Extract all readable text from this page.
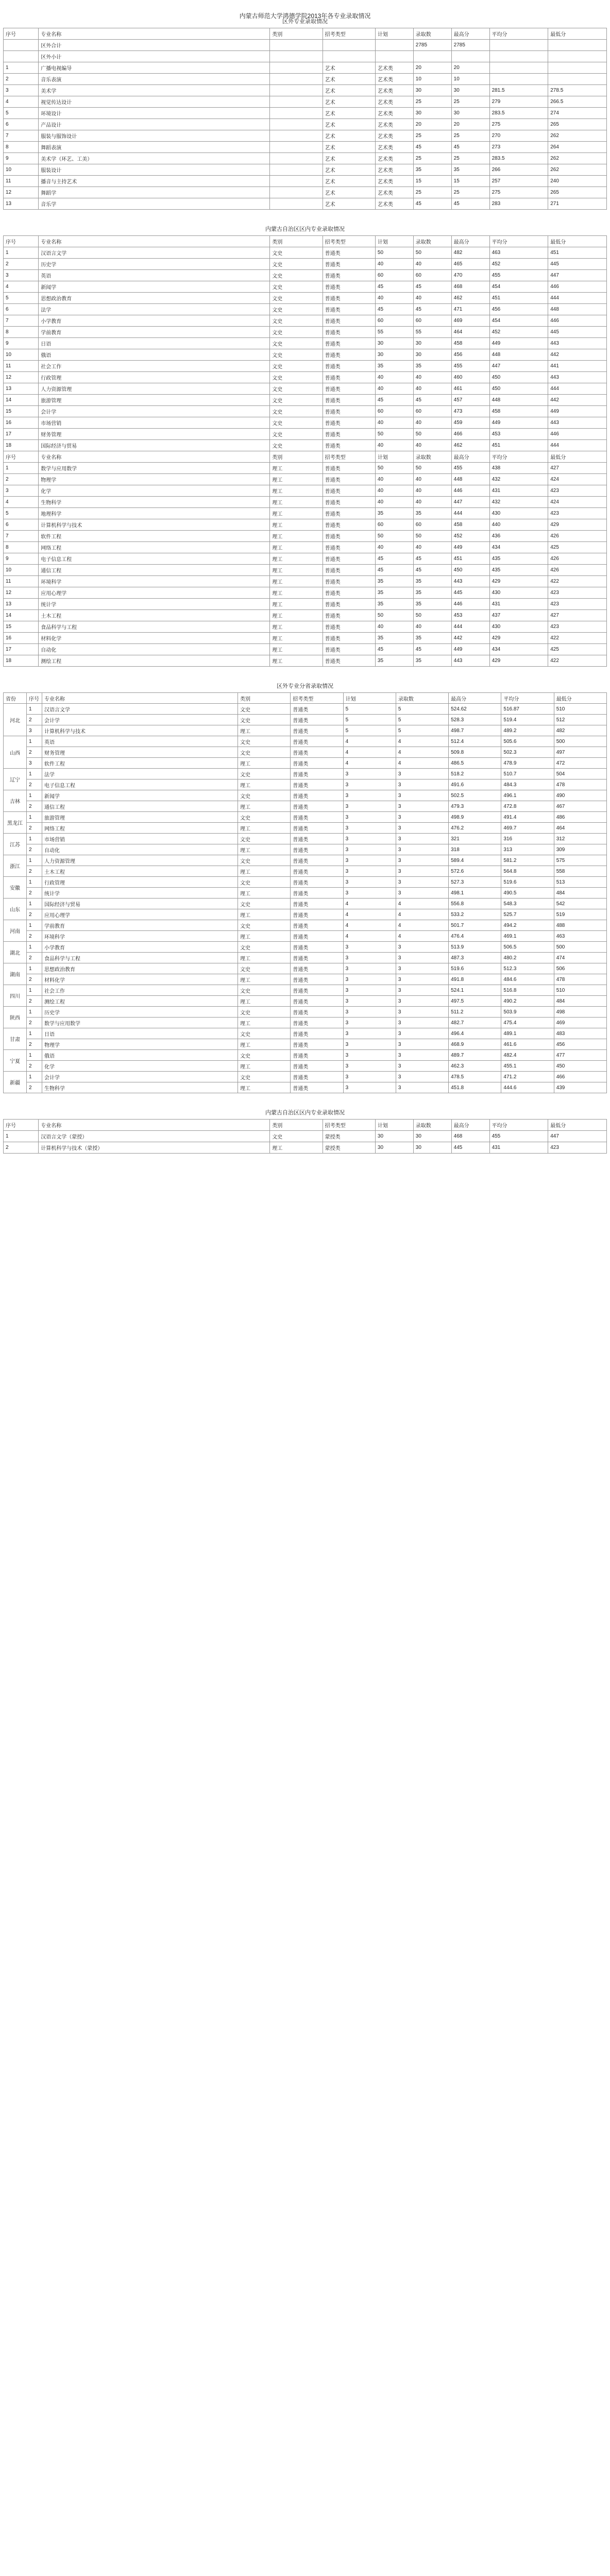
内蒙古师范大学鸿德学院2013年各专业录取情况
区外专业录取情况
序号	专业名称	类别	招考类型	计划	录取数	最高分	平均分	最低分
	区外合计				2785	2785		
	区外小计							
1	广播电视编导		艺术	艺术类	20	20		
2	音乐表演		艺术	艺术类	10	10		
3	美术学		艺术	艺术类	30	30	281.5	278.5
4	视觉传达设计		艺术	艺术类	25	25	279	266.5
5	环境设计		艺术	艺术类	30	30	283.5	274
6	产品设计		艺术	艺术类	20	20	275	265
7	服装与服饰设计		艺术	艺术类	25	25	270	262
8	舞蹈表演		艺术	艺术类	45	45	273	264
9	美术学（环艺、工美）		艺术	艺术类	25	25	283.5	262
10	服装设计		艺术	艺术类	35	35	266	262
11	播音与主持艺术		艺术	艺术类	15	15	257	240
12	舞蹈学		艺术	艺术类	25	25	275	265
13	音乐学		艺术	艺术类	45	45	283	271
内蒙古自治区区内专业录取情况
序号	专业名称	类别	招考类型	计划	录取数	最高分	平均分	最低分
1	汉语言文学	文史	普通类	50	50	482	463	451
2	历史学	文史	普通类	40	40	465	452	445
3	英语	文史	普通类	60	60	470	455	447
4	新闻学	文史	普通类	45	45	468	454	446
5	思想政治教育	文史	普通类	40	40	462	451	444
6	法学	文史	普通类	45	45	471	456	448
7	小学教育	文史	普通类	60	60	469	454	446
8	学前教育	文史	普通类	55	55	464	452	445
9	日语	文史	普通类	30	30	458	449	443
10	俄语	文史	普通类	30	30	456	448	442
11	社会工作	文史	普通类	35	35	455	447	441
12	行政管理	文史	普通类	40	40	460	450	443
13	人力资源管理	文史	普通类	40	40	461	450	444
14	旅游管理	文史	普通类	45	45	457	448	442
15	会计学	文史	普通类	60	60	473	458	449
16	市场营销	文史	普通类	40	40	459	449	443
17	财务管理	文史	普通类	50	50	466	453	446
18	国际经济与贸易	文史	普通类	40	40	462	451	444
序号	专业名称	类别	招考类型	计划	录取数	最高分	平均分	最低分
1	数学与应用数学	理工	普通类	50	50	455	438	427
2	物理学	理工	普通类	40	40	448	432	424
3	化学	理工	普通类	40	40	446	431	423
4	生物科学	理工	普通类	40	40	447	432	424
5	地理科学	理工	普通类	35	35	444	430	423
6	计算机科学与技术	理工	普通类	60	60	458	440	429
7	软件工程	理工	普通类	50	50	452	436	426
8	网络工程	理工	普通类	40	40	449	434	425
9	电子信息工程	理工	普通类	45	45	451	435	426
10	通信工程	理工	普通类	45	45	450	435	426
11	环境科学	理工	普通类	35	35	443	429	422
12	应用心理学	理工	普通类	35	35	445	430	423
13	统计学	理工	普通类	35	35	446	431	423
14	土木工程	理工	普通类	50	50	453	437	427
15	食品科学与工程	理工	普通类	40	40	444	430	423
16	材料化学	理工	普通类	35	35	442	429	422
17	自动化	理工	普通类	45	45	449	434	425
18	测绘工程	理工	普通类	35	35	443	429	422
区外专业分省录取情况
省份	序号	专业名称	类别	招考类型	计划	录取数	最高分	平均分	最低分
河北	1	汉语言文学	文史	普通类	5	5	524.62	516.87	510
	2	会计学	文史	普通类	5	5	528.3	519.4	512
	3	计算机科学与技术	理工	普通类	5	5	498.7	489.2	482
山西	1	英语	文史	普通类	4	4	512.4	505.6	500
	2	财务管理	文史	普通类	4	4	509.8	502.3	497
	3	软件工程	理工	普通类	4	4	486.5	478.9	472
辽宁	1	法学	文史	普通类	3	3	518.2	510.7	504
	2	电子信息工程	理工	普通类	3	3	491.6	484.3	478
吉林	1	新闻学	文史	普通类	3	3	502.5	496.1	490
	2	通信工程	理工	普通类	3	3	479.3	472.8	467
黑龙江	1	旅游管理	文史	普通类	3	3	498.9	491.4	486
	2	网络工程	理工	普通类	3	3	476.2	469.7	464
江苏	1	市场营销	文史	普通类	3	3	321	316	312
	2	自动化	理工	普通类	3	3	318	313	309
浙江	1	人力资源管理	文史	普通类	3	3	589.4	581.2	575
	2	土木工程	理工	普通类	3	3	572.6	564.8	558
安徽	1	行政管理	文史	普通类	3	3	527.3	519.6	513
	2	统计学	理工	普通类	3	3	498.1	490.5	484
山东	1	国际经济与贸易	文史	普通类	4	4	556.8	548.3	542
	2	应用心理学	理工	普通类	4	4	533.2	525.7	519
河南	1	学前教育	文史	普通类	4	4	501.7	494.2	488
	2	环境科学	理工	普通类	4	4	476.4	469.1	463
湖北	1	小学教育	文史	普通类	3	3	513.9	506.5	500
	2	食品科学与工程	理工	普通类	3	3	487.3	480.2	474
湖南	1	思想政治教育	文史	普通类	3	3	519.6	512.3	506
	2	材料化学	理工	普通类	3	3	491.8	484.6	478
四川	1	社会工作	文史	普通类	3	3	524.1	516.8	510
	2	测绘工程	理工	普通类	3	3	497.5	490.2	484
陕西	1	历史学	文史	普通类	3	3	511.2	503.9	498
	2	数学与应用数学	理工	普通类	3	3	482.7	475.4	469
甘肃	1	日语	文史	普通类	3	3	496.4	489.1	483
	2	物理学	理工	普通类	3	3	468.9	461.6	456
宁夏	1	俄语	文史	普通类	3	3	489.7	482.4	477
	2	化学	理工	普通类	3	3	462.3	455.1	450
新疆	1	会计学	文史	普通类	3	3	478.5	471.2	466
	2	生物科学	理工	普通类	3	3	451.8	444.6	439
内蒙古自治区区内专业录取情况
序号	专业名称	类别	招考类型	计划	录取数	最高分	平均分	最低分
1	汉语言文学（蒙授）	文史	蒙授类	30	30	468	455	447
2	计算机科学与技术（蒙授）	理工	蒙授类	30	30	445	431	423
